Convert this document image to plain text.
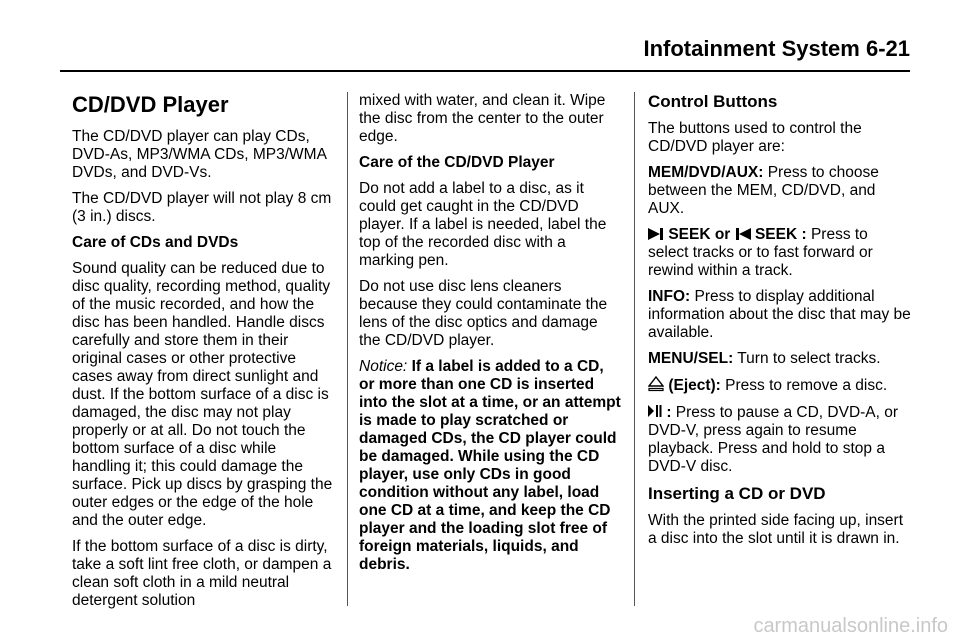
Infotainment System 6-21
CD/DVD Player

The CD/DVD player can play CDs, DVD-As, MP3/WMA CDs, MP3/WMA DVDs, and DVD-Vs.

The CD/DVD player will not play 8 cm (3 in.) discs.

Care of CDs and DVDs

Sound quality can be reduced due to disc quality, recording method, quality of the music recorded, and how the disc has been handled. Handle discs carefully and store them in their original cases or other protective cases away from direct sunlight and dust. If the bottom surface of a disc is damaged, the disc may not play properly or at all. Do not touch the bottom surface of a disc while handling it; this could damage the surface. Pick up discs by grasping the outer edges or the edge of the hole and the outer edge.

If the bottom surface of a disc is dirty, take a soft lint free cloth, or dampen a clean soft cloth in a mild neutral detergent solution

mixed with water, and clean it. Wipe the disc from the center to the outer edge.

Care of the CD/DVD Player

Do not add a label to a disc, as it could get caught in the CD/DVD player. If a label is needed, label the top of the recorded disc with a marking pen.

Do not use disc lens cleaners because they could contaminate the lens of the disc optics and damage the CD/DVD player.

Notice: If a label is added to a CD, or more than one CD is inserted into the slot at a time, or an attempt is made to play scratched or damaged CDs, the CD player could be damaged. While using the CD player, use only CDs in good condition without any label, load one CD at a time, and keep the CD player and the loading slot free of foreign materials, liquids, and debris.

Control Buttons

The buttons used to control the CD/DVD player are:

MEM/DVD/AUX: Press to choose between the MEM, CD/DVD, and AUX.

SEEK or SEEK : Press to select tracks or to fast forward or rewind within a track.

INFO: Press to display additional information about the disc that may be available.

MENU/SEL: Turn to select tracks.

(Eject): Press to remove a disc.

: Press to pause a CD, DVD-A, or DVD-V, press again to resume playback. Press and hold to stop a DVD-V disc.

Inserting a CD or DVD

With the printed side facing up, insert a disc into the slot until it is drawn in.

carmanualsonline.info
